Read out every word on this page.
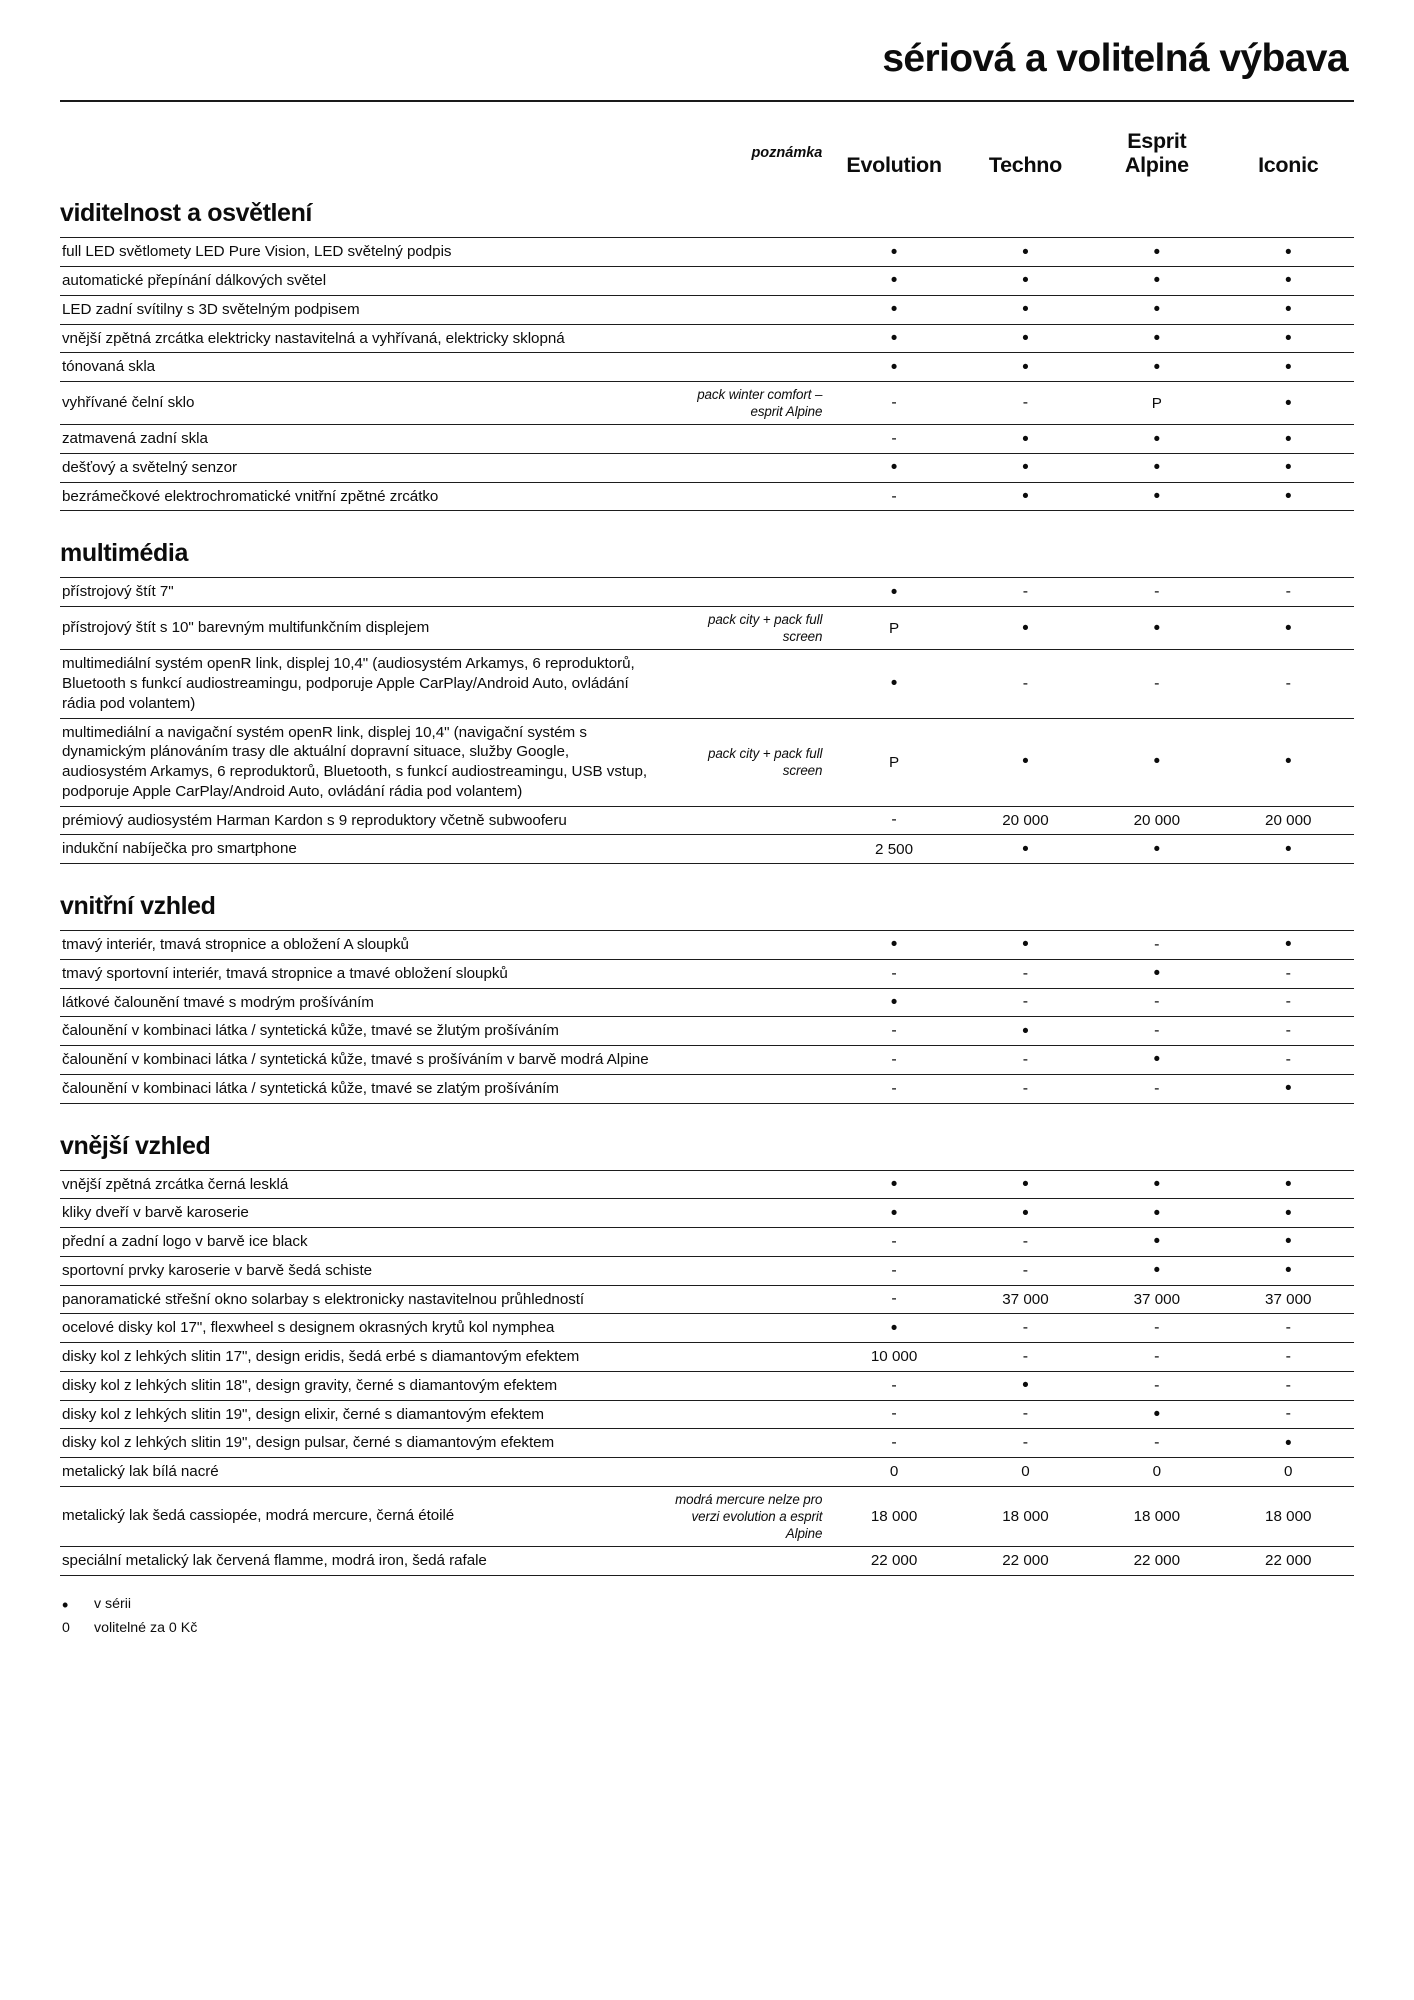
sériová a volitelná výbava
	poznámka	Evolution	Techno	Esprit
Alpine	Iconic
viditelnost a osvětlení
full LED světlomety LED Pure Vision, LED světelný podpis		•	•	•	•
automatické přepínání dálkových světel		•	•	•	•
LED zadní svítilny s 3D světelným podpisem		•	•	•	•
vnější zpětná zrcátka elektricky nastavitelná a vyhřívaná, elektricky sklopná		•	•	•	•
tónovaná skla		•	•	•	•
vyhřívané čelní sklo	pack winter comfort – esprit Alpine	-	-	P	•
zatmavená zadní skla		-	•	•	•
dešťový a světelný senzor		•	•	•	•
bezrámečkové elektrochromatické vnitřní zpětné zrcátko		-	•	•	•
multimédia
přístrojový štít 7"		•	-	-	-
přístrojový štít s 10" barevným multifunkčním displejem	pack city + pack full screen	P	•	•	•
multimediální systém openR link, displej 10,4" (audiosystém Arkamys, 6 reproduktorů, Bluetooth s funkcí audiostreamingu, podporuje Apple CarPlay/Android Auto, ovládání rádia pod volantem)		•	-	-	-
multimediální a navigační systém openR link, displej 10,4" (navigační systém s dynamickým plánováním trasy dle aktuální dopravní situace, služby Google, audiosystém Arkamys, 6 reproduktorů, Bluetooth, s funkcí audiostreamingu, USB vstup, podporuje Apple CarPlay/Android Auto, ovládání rádia pod volantem)	pack city + pack full screen	P	•	•	•
prémiový audiosystém Harman Kardon s 9 reproduktory včetně subwooferu		-	20 000	20 000	20 000
indukční nabíječka pro smartphone		2 500	•	•	•
vnitřní vzhled
tmavý interiér, tmavá stropnice a obložení A sloupků		•	•	-	•
tmavý sportovní interiér, tmavá stropnice a tmavé obložení sloupků		-	-	•	-
látkové čalounění tmavé s modrým prošíváním		•	-	-	-
čalounění v kombinaci látka / syntetická kůže, tmavé se žlutým prošíváním		-	•	-	-
čalounění v kombinaci látka / syntetická kůže, tmavé s prošíváním v barvě modrá Alpine		-	-	•	-
čalounění v kombinaci látka / syntetická kůže, tmavé se zlatým prošíváním		-	-	-	•
vnější vzhled
vnější zpětná zrcátka černá lesklá		•	•	•	•
kliky dveří v barvě karoserie		•	•	•	•
přední a zadní logo v barvě ice black		-	-	•	•
sportovní prvky karoserie v barvě šedá schiste		-	-	•	•
panoramatické střešní okno solarbay s elektronicky nastavitelnou průhledností		-	37 000	37 000	37 000
ocelové disky kol 17", flexwheel s designem okrasných krytů kol nymphea		•	-	-	-
disky kol z lehkých slitin 17", design eridis, šedá erbé s diamantovým efektem		10 000	-	-	-
disky kol z lehkých slitin 18", design gravity, černé s diamantovým efektem		-	•	-	-
disky kol z lehkých slitin 19", design elixir, černé s diamantovým efektem		-	-	•	-
disky kol z lehkých slitin 19", design pulsar, černé s diamantovým efektem		-	-	-	•
metalický lak bílá nacré		0	0	0	0
metalický lak šedá cassiopée, modrá mercure, černá étoilé	modrá mercure nelze pro verzi evolution a esprit Alpine	18 000	18 000	18 000	18 000
speciální metalický lak červená flamme, modrá iron, šedá rafale		22 000	22 000	22 000	22 000
•	v sérii
0	volitelné za 0 Kč
